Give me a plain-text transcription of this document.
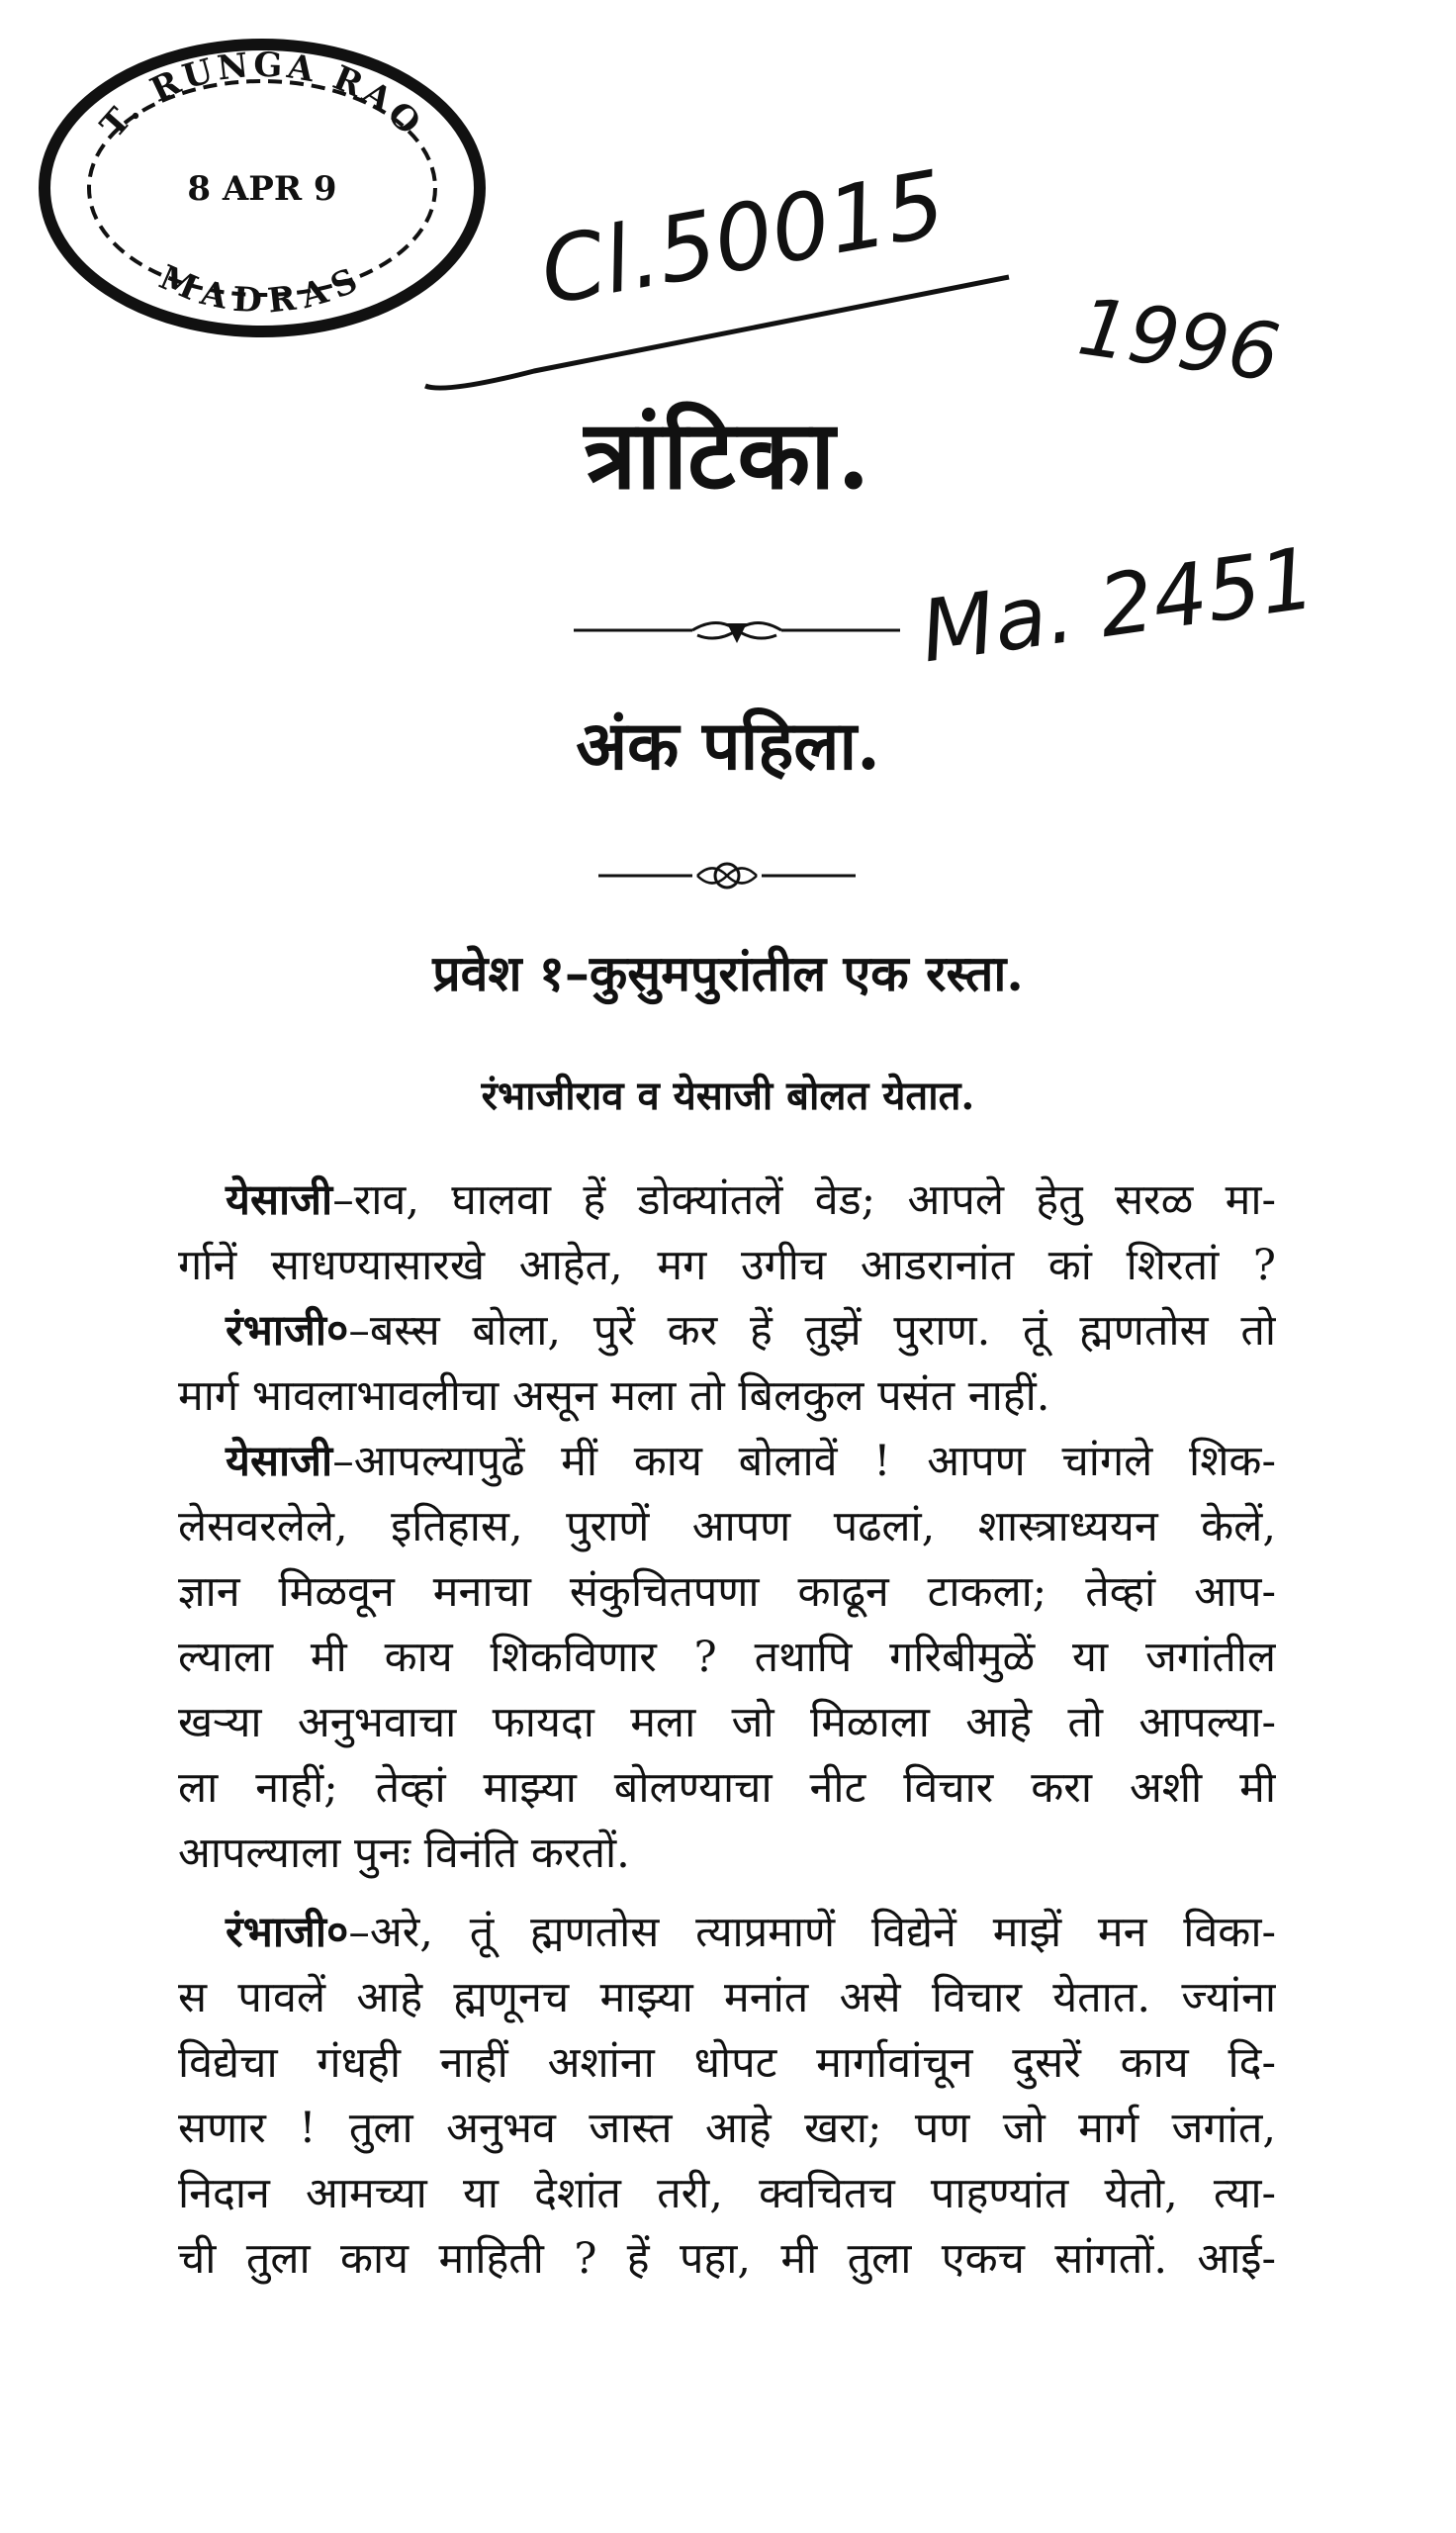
Cl.50015
1996
Ma. 2451
त्रांटिका.
अंक पहिला.
प्रवेश १–कुसुमपुरांतील एक रस्ता.
रंभाजीराव व येसाजी बोलत येतात.
येसाजी–राव, घालवा हें डोक्यांतलें वेड; आपले हेतु सरळ मा-
र्गानें साधण्यासारखे आहेत, मग उगीच आडरानांत कां शिरतां ?
रंभाजी०–बस्स बोला, पुरें कर हें तुझें पुराण. तूं ह्मणतोस तो
मार्ग भावलाभावलीचा असून मला तो बिलकुल पसंत नाहीं.
येसाजी–आपल्यापुढें मीं काय बोलावें ! आपण चांगले शिक-
लेसवरलेले, इतिहास, पुराणें आपण पढलां, शास्त्राध्ययन केलें,
ज्ञान मिळवून मनाचा संकुचितपणा काढून टाकला; तेव्हां आप-
ल्याला मी काय शिकविणार ? तथापि गरिबीमुळें या जगांतील
खऱ्या अनुभवाचा फायदा मला जो मिळाला आहे तो आपल्या-
ला नाहीं; तेव्हां माझ्या बोलण्याचा नीट विचार करा अशी मी
आपल्याला पुनः विनंति करतों.
रंभाजी०–अरे, तूं ह्मणतोस त्याप्रमाणें विद्येनें माझें मन विका-
स पावलें आहे ह्मणूनच माझ्या मनांत असे विचार येतात. ज्यांना
विद्येचा गंधही नाहीं अशांना धोपट मार्गावांचून दुसरें काय दि-
सणार ! तुला अनुभव जास्त आहे खरा; पण जो मार्ग जगांत,
निदान आमच्या या देशांत तरी, क्वचितच पाहण्यांत येतो, त्या-
ची तुला काय माहिती ? हें पहा, मी तुला एकच सांगतों. आई-
T. RUNGA RAO
8 APR 9
MADRAS
